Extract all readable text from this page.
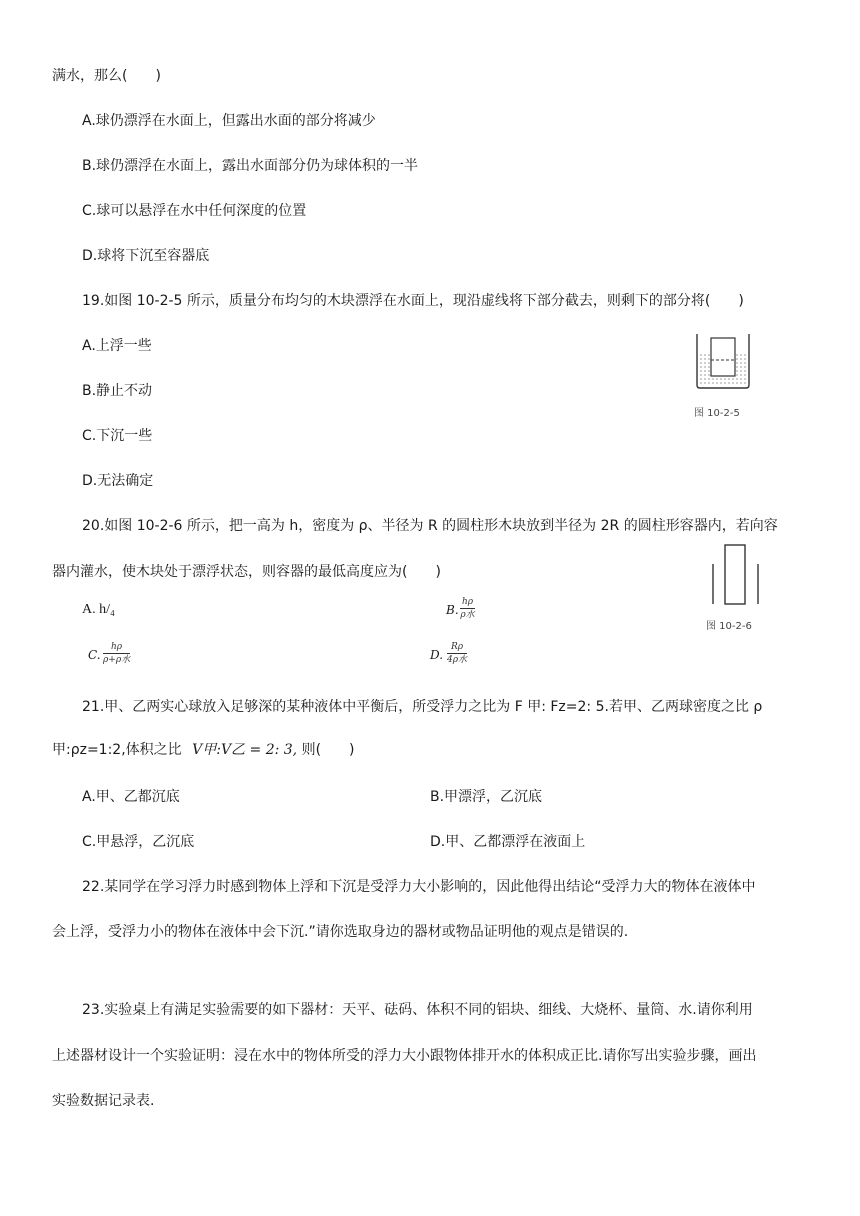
满水，那么(　　)
A.球仍漂浮在水面上，但露出水面的部分将减少
B.球仍漂浮在水面上，露出水面部分仍为球体积的一半
C.球可以悬浮在水中任何深度的位置
D.球将下沉至容器底
19.如图 10-2-5 所示，质量分布均匀的木块漂浮在水面上，现沿虚线将下部分截去，则剩下的部分将(　　)
A.上浮一些
B.静止不动
C.下沉一些
D.无法确定
图 10-2-5
20.如图 10-2-6 所示，把一高为 h，密度为 ρ、半径为 R 的圆柱形木块放到半径为 2R 的圆柱形容器内，若向容
器内灌水，使木块处于漂浮状态，则容器的最低高度应为(　　)
A. h/₄	B.
hρ
ρ水
C.
hρ
ρ+ρ水	D.
Rρ
4ρ水
图 10-2-6
21.甲、乙两实心球放入足够深的某种液体中平衡后，所受浮力之比为 F 甲: Fz=2: 5.若甲、乙两球密度之比 ρ
甲:ρz=1:2,体积之比 V甲:V乙 = 2: 3, 则(　　)
A.甲、乙都沉底	B.甲漂浮，乙沉底
C.甲悬浮，乙沉底	D.甲、乙都漂浮在液面上
22.某同学在学习浮力时感到物体上浮和下沉是受浮力大小影响的，因此他得出结论“受浮力大的物体在液体中
会上浮，受浮力小的物体在液体中会下沉.”请你选取身边的器材或物品证明他的观点是错误的.
23.实验桌上有满足实验需要的如下器材：天平、砝码、体积不同的铝块、细线、大烧杯、量筒、水.请你利用
上述器材设计一个实验证明：浸在水中的物体所受的浮力大小跟物体排开水的体积成正比.请你写出实验步骤，画出
实验数据记录表.
